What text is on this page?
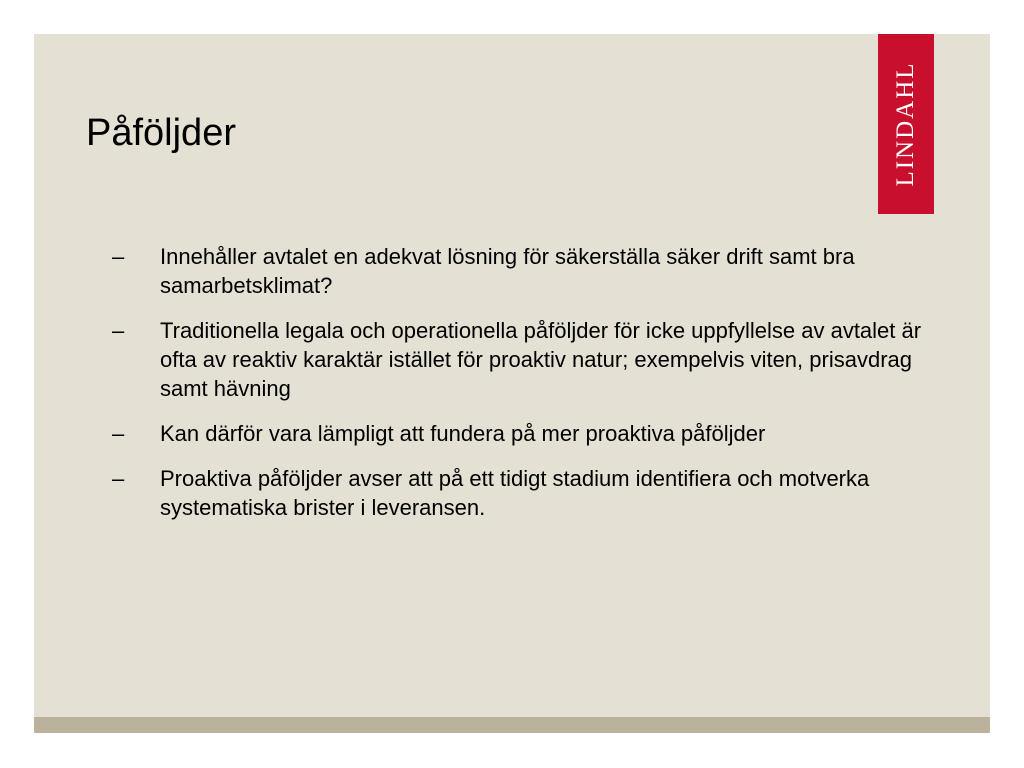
LINDAHL
Påföljder
– Innehåller avtalet en adekvat lösning för säkerställa säker drift samt bra samarbetsklimat?
– Traditionella legala och operationella påföljder för icke uppfyllelse av avtalet är ofta av reaktiv karaktär istället för proaktiv natur; exempelvis viten, prisavdrag samt hävning
– Kan därför vara lämpligt att fundera på mer proaktiva påföljder
– Proaktiva påföljder avser att på ett tidigt stadium identifiera och motverka systematiska brister i leveransen.
